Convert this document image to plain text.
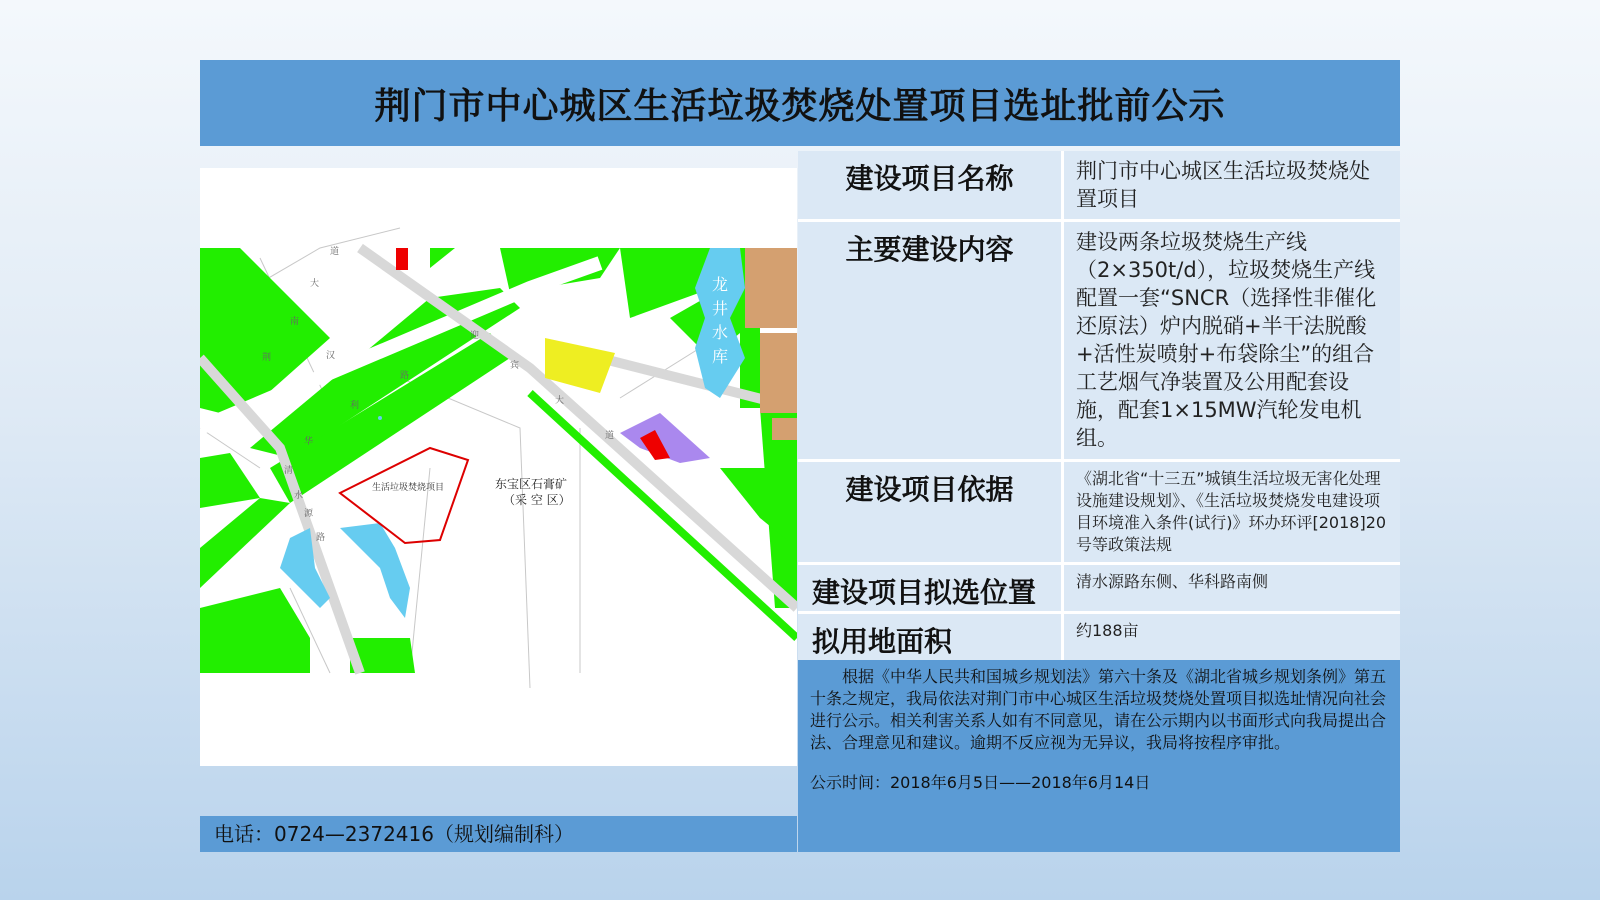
荆门市中心城区生活垃圾焚烧处置项目选址批前公示
生活垃圾焚烧项目	东宝区石膏矿
（采 空 区）
龙
井
水
库
道
大
南
荆	汉
路
迎
宾
大
道
利
华
清
水
源
路
电话：0724—2372416（规划编制科）
建设项目名称	荆门市中心城区生活垃圾焚烧处置项目
主要建设内容	建设两条垃圾焚烧生产线（2×350t/d），垃圾焚烧生产线配置一套“SNCR（选择性非催化还原法）炉内脱硝+半干法脱酸+活性炭喷射+布袋除尘”的组合工艺烟气净装置及公用配套设施，配套1×15MW汽轮发电机组。
建设项目依据	《湖北省“十三五”城镇生活垃圾无害化处理设施建设规划》、《生活垃圾焚烧发电建设项目环境准入条件(试行)》环办环评[2018]20号等政策法规
建设项目拟选位置	清水源路东侧、华科路南侧
拟用地面积	约188亩

根据《中华人民共和国城乡规划法》第六十条及《湖北省城乡规划条例》第五十条之规定，我局依法对荆门市中心城区生活垃圾焚烧处置项目拟选址情况向社会进行公示。相关利害关系人如有不同意见，请在公示期内以书面形式向我局提出合法、合理意见和建议。逾期不反应视为无异议，我局将按程序审批。

公示时间：2018年6月5日——2018年6月14日
